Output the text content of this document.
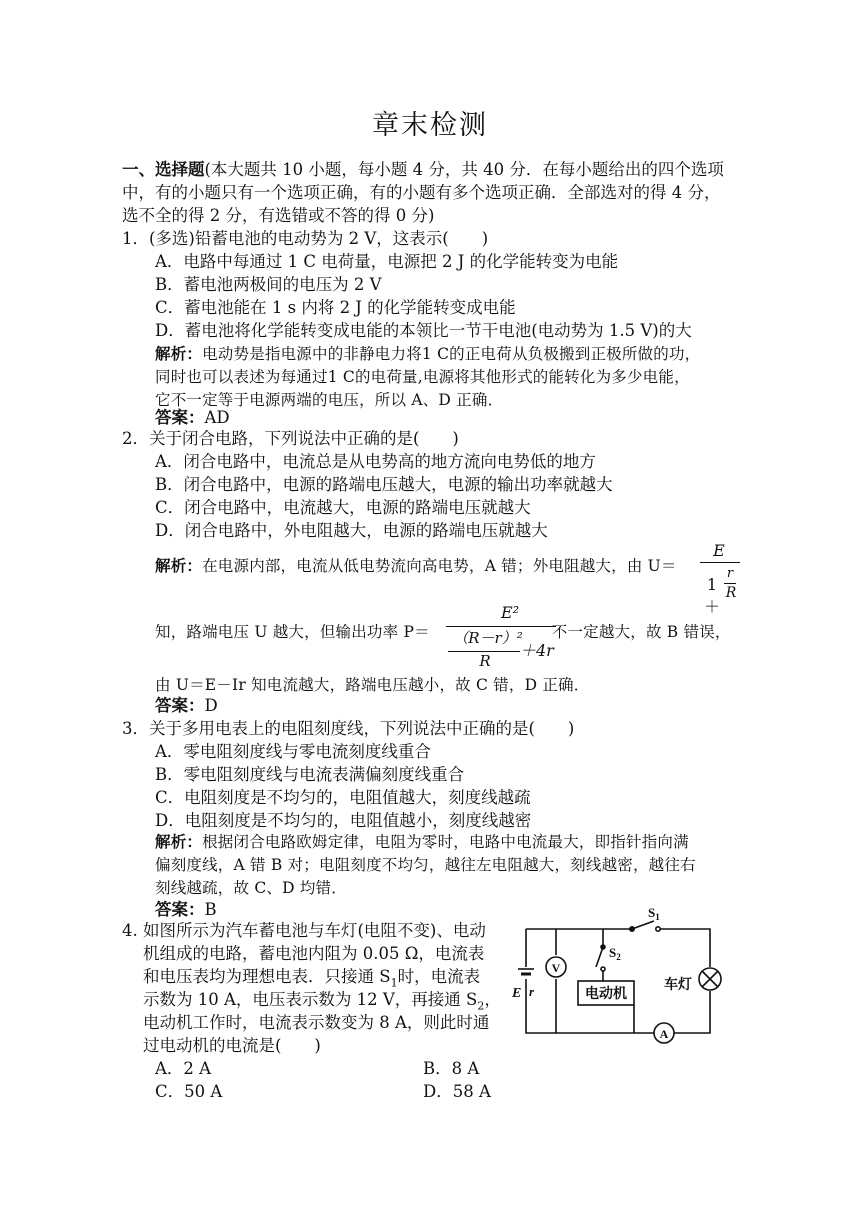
章末检测
一、选择题(本大题共 10 小题，每小题 4 分，共 40 分．在每小题给出的四个选项
中，有的小题只有一个选项正确，有的小题有多个选项正确．全部选对的得 4 分，
选不全的得 2 分，有选错或不答的得 0 分)
1．(多选)铅蓄电池的电动势为 2 V，这表示(　　)
A．电路中每通过 1 C 电荷量，电源把 2 J 的化学能转变为电能
B．蓄电池两极间的电压为 2 V
C．蓄电池能在 1 s 内将 2 J 的化学能转变成电能
D．蓄电池将化学能转变成电能的本领比一节干电池(电动势为 1.5 V)的大
解析：电动势是指电源中的非静电力将1 C的正电荷从负极搬到正极所做的功，
同时也可以表述为每通过1 C的电荷量,电源将其他形式的能转化为多少电能，
它不一定等于电源两端的电压，所以 A、D 正确．
答案：AD
2．关于闭合电路，下列说法中正确的是(　　)
A．闭合电路中，电流总是从电势高的地方流向电势低的地方
B．闭合电路中，电源的路端电压越大，电源的输出功率就越大
C．闭合电路中，电流越大，电源的路端电压就越大
D．闭合电路中，外电阻越大，电源的路端电压就越大
解析：在电源内部，电流从低电势流向高电势，A 错；外电阻越大，由 U＝
E
1＋
r
R
知，路端电压 U 越大，但输出功率 P＝	不一定越大，故 B 错误，
E²
（R－r）²
R
＋4r
由 U＝E－Ir 知电流越大，路端电压越小，故 C 错，D 正确．
答案：D
3．关于多用电表上的电阻刻度线，下列说法中正确的是(　　)
A．零电阻刻度线与零电流刻度线重合
B．零电阻刻度线与电流表满偏刻度线重合
C．电阻刻度是不均匀的，电阻值越大，刻度线越疏
D．电阻刻度是不均匀的，电阻值越小，刻度线越密
解析：根据闭合电路欧姆定律，电阻为零时，电路中电流最大，即指针指向满
偏刻度线，A 错 B 对；电阻刻度不均匀，越往左电阻越大，刻线越密，越往右
刻线越疏，故 C、D 均错．
答案：B
4. 如图所示为汽车蓄电池与车灯(电阻不变)、电动
机组成的电路，蓄电池内阻为 0.05 Ω，电流表
和电压表均为理想电表．只接通 $S_1$时，电流表
示数为 10 A，电压表示数为 12 V，再接通 $S_2$，
电动机工作时，电流表示数变为 8 A，则此时通
过电动机的电流是(　　)
A．2 A	B．8 A
C．50 A	D．58 A
$S_1$
$S_2$
电动机
车灯
V
A
E r
